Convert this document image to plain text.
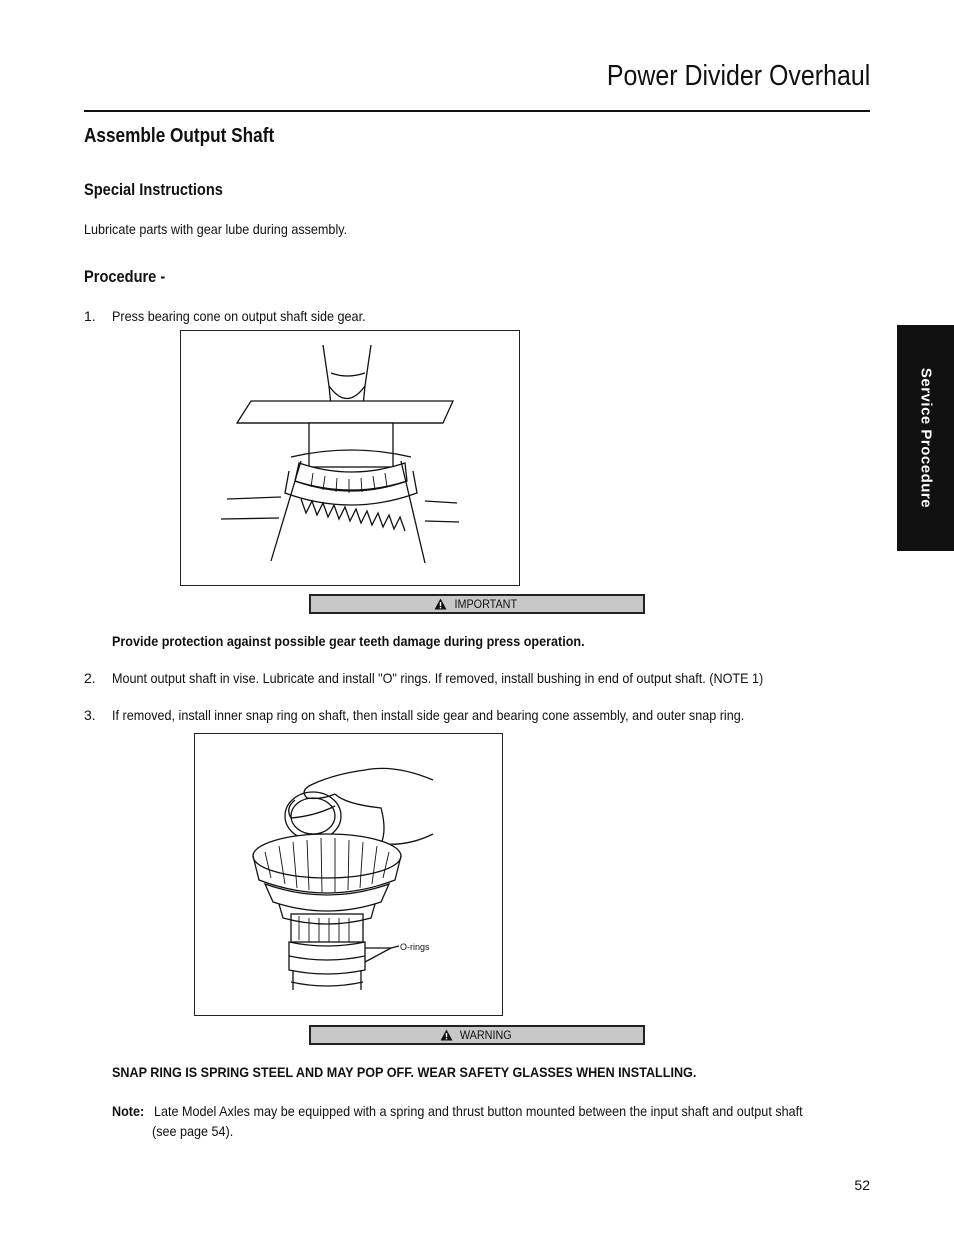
Power Divider Overhaul
Assemble Output Shaft
Special Instructions
Lubricate parts with gear lube during assembly.
Procedure -
1. Press bearing cone on output shaft side gear.
IMPORTANT
Provide protection against possible gear teeth damage during press operation.
2. Mount output shaft in vise. Lubricate and install "O" rings. If removed, install bushing in end of output shaft. (NOTE 1)
3. If removed, install inner snap ring on shaft, then install side gear and bearing cone assembly, and outer snap ring.
O-rings
WARNING
SNAP RING IS SPRING STEEL AND MAY POP OFF. WEAR SAFETY GLASSES WHEN INSTALLING.
Note: Late Model Axles may be equipped with a spring and thrust button mounted between the input shaft and output shaft
(see page 54).
Service Procedure
52
